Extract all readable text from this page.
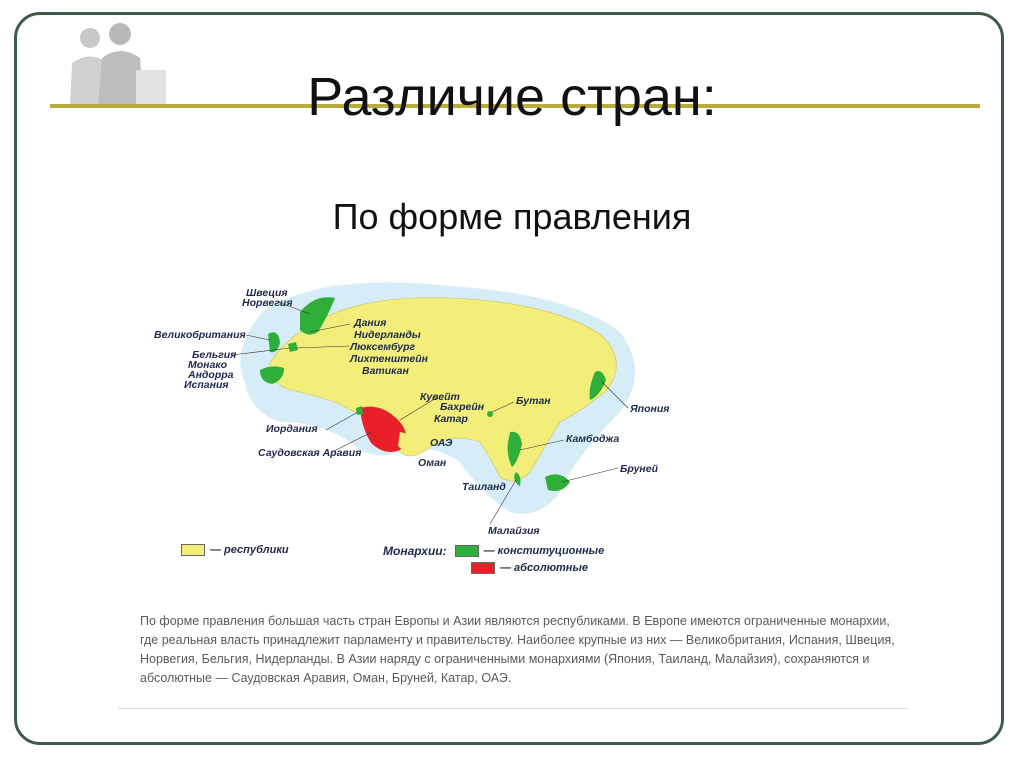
Различие стран:
По форме правления
Швеция
Норвегия
Великобритания
Бельгия
Монако
Андорра
Испания
Дания
Нидерланды
Люксембург
Лихтенштейн
Ватикан
Кувейт
Бахрейн
Катар
Иордания
Саудовская Аравия
ОАЭ
Оман
Бутан
Япония
Камбоджа
Бруней
Таиланд
Малайзия
— республики	Монархии:	— конституционные
— абсолютные
По форме правления большая часть стран Европы и Азии являются республиками. В Европе имеются ограниченные монархии, где реальная власть принадлежит парламенту и правительству. Наиболее крупные из них — Великобритания, Испания, Швеция, Норвегия, Бельгия, Нидерланды. В Азии наряду с ограниченными монархиями (Япония, Таиланд, Малайзия), сохраняются и абсолютные — Саудовская Аравия, Оман, Бруней, Катар, ОАЭ.
